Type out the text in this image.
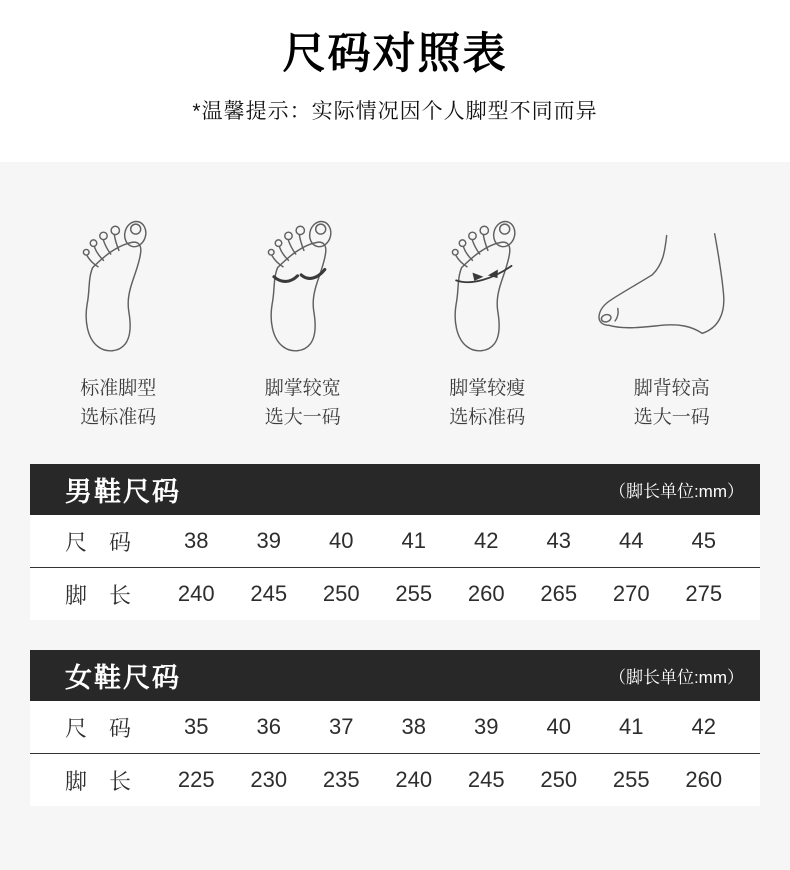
尺码对照表
*温馨提示：实际情况因个人脚型不同而异
标准脚型
选标准码
脚掌较宽
选大一码
脚掌较瘦
选标准码
脚背较高
选大一码
男鞋尺码	（脚长单位:mm）
尺　码	38	39	40	41	42	43	44	45
脚　长	240	245	250	255	260	265	270	275
女鞋尺码	（脚长单位:mm）
尺　码	35	36	37	38	39	40	41	42
脚　长	225	230	235	240	245	250	255	260
